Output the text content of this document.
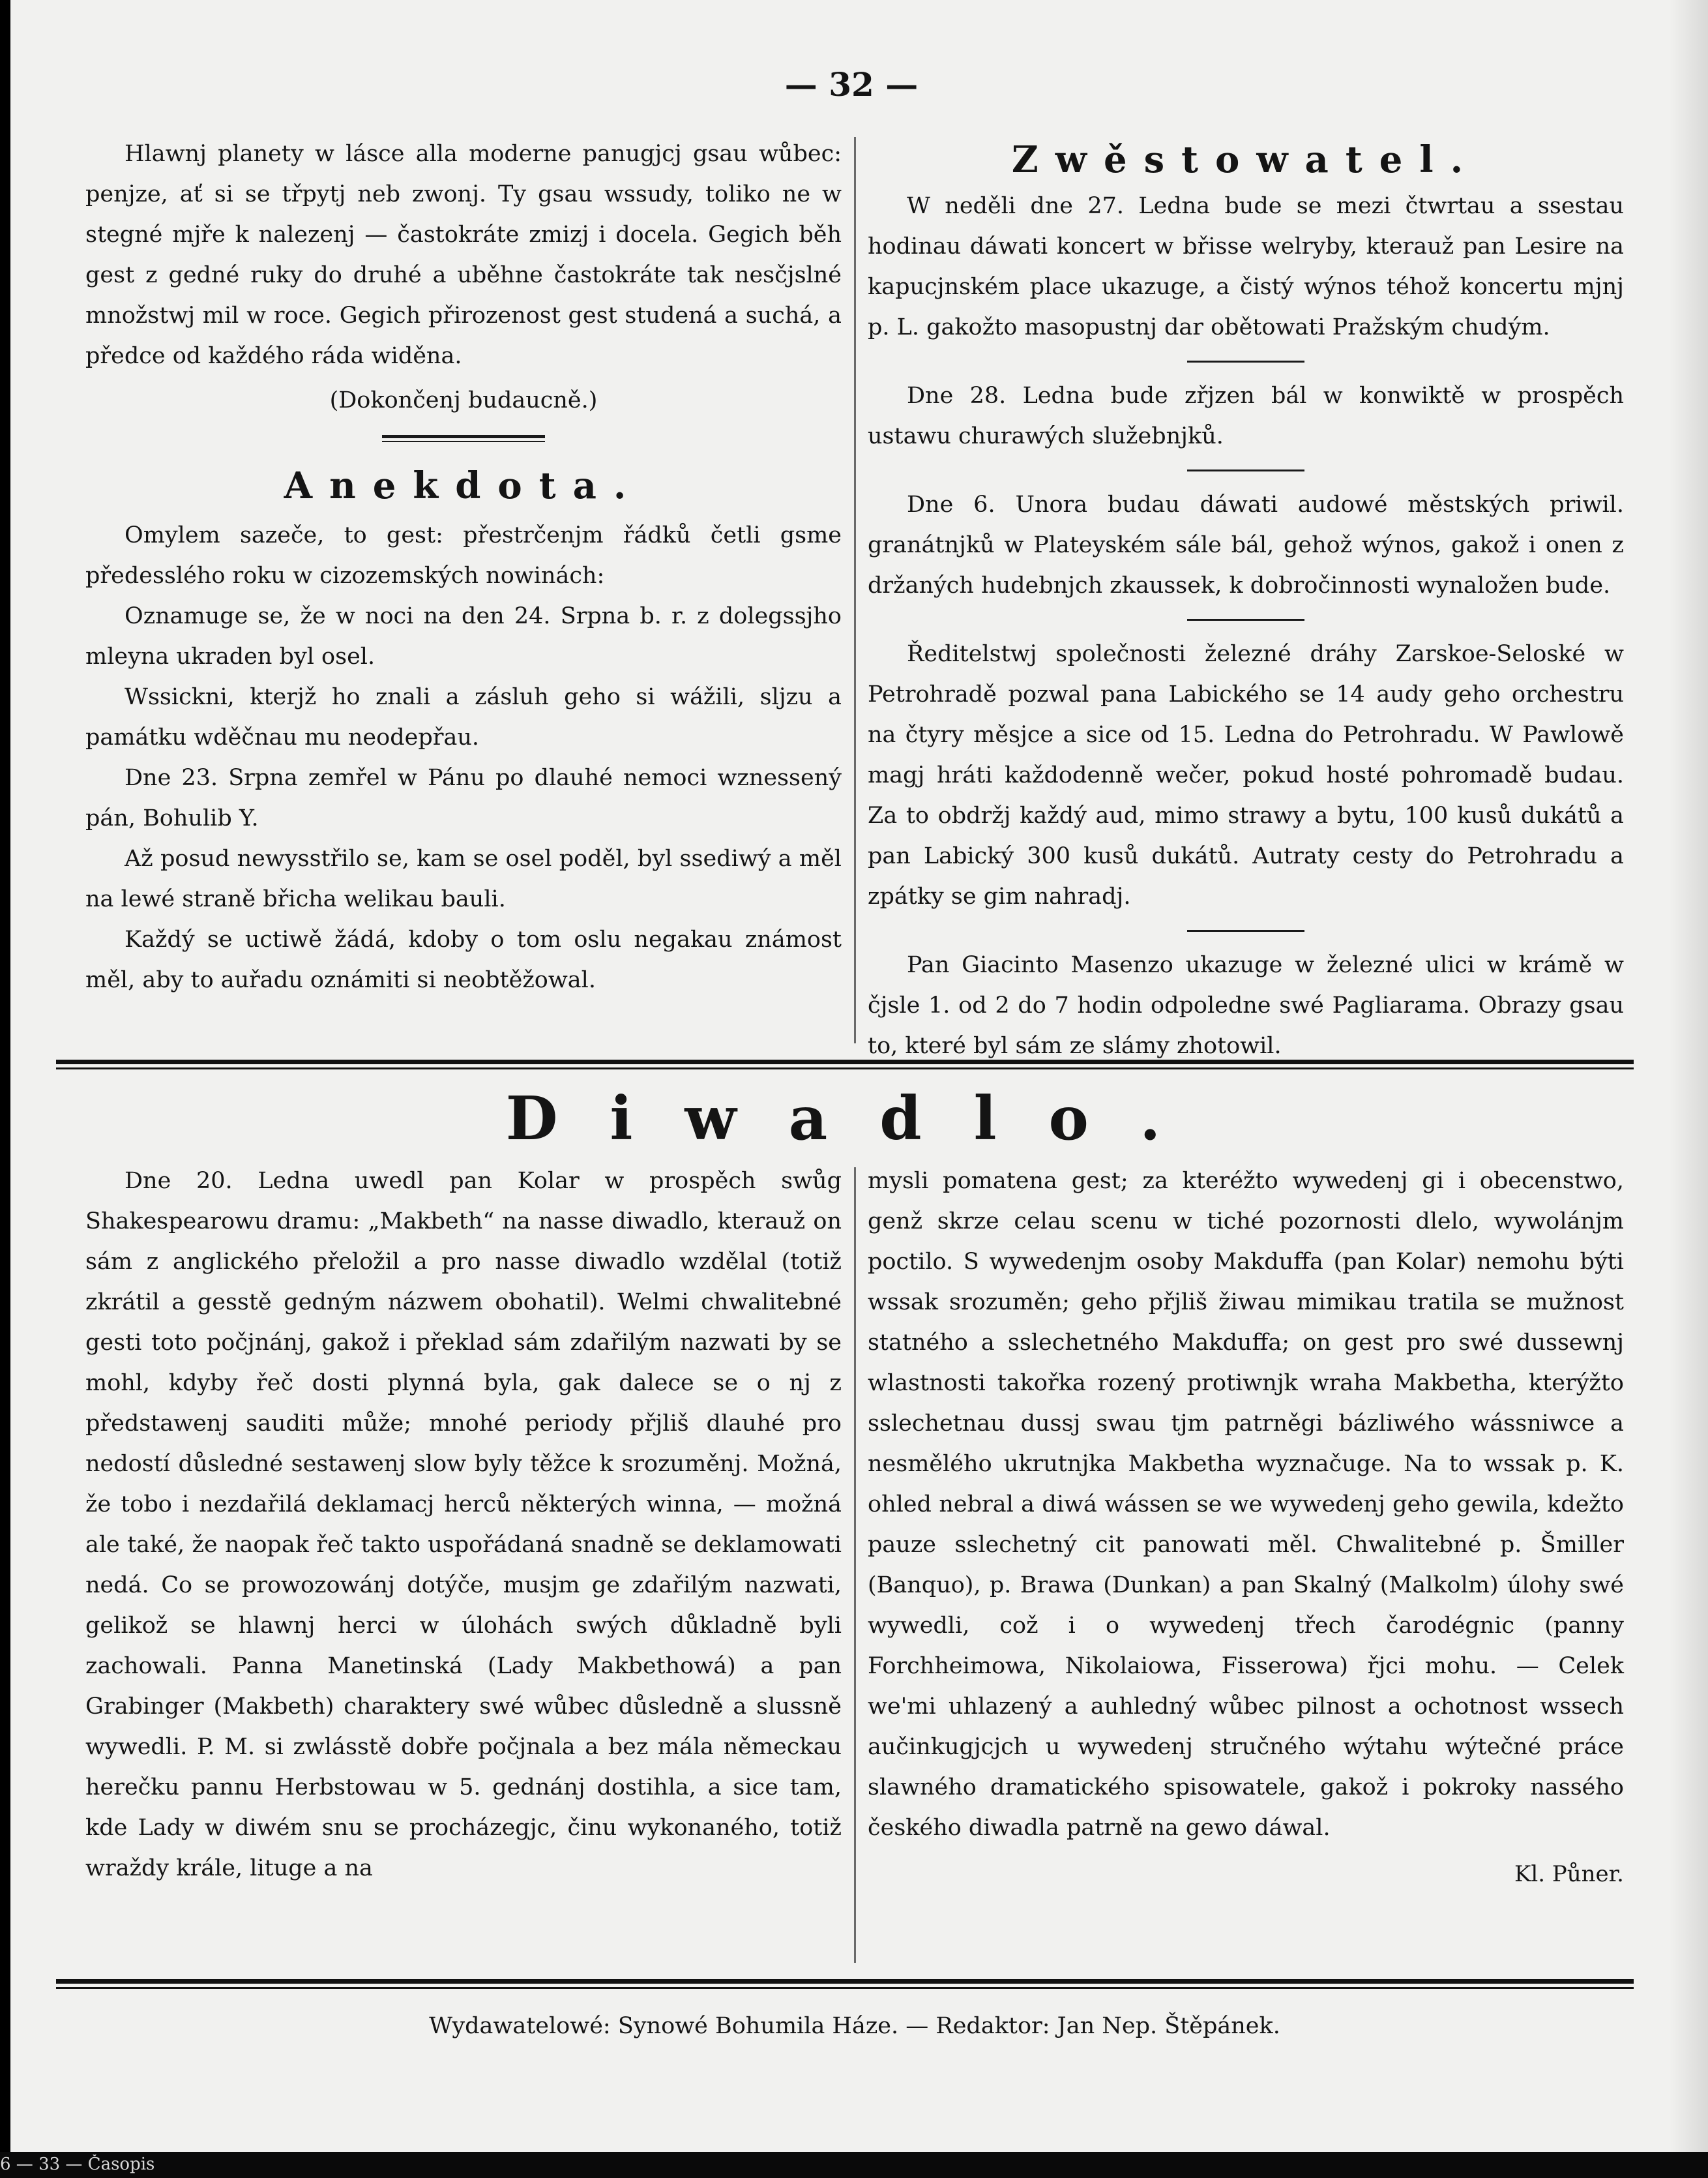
— 32 —

Hlawnj planety w lásce alla moderne panugjcj gsau wůbec: penjze, ať si se třpytj neb zwonj. Ty gsau wssudy, toliko ne w stegné mjře k nalezenj — častokráte zmizj i docela. Gegich běh gest z gedné ruky do druhé a uběhne častokráte tak nesčjslné množstwj mil w roce. Gegich přirozenost gest studená a suchá, a předce od každého ráda widěna.

(Dokončenj budaucně.)

Anekdota.

Omylem sazeče, to gest: přestrčenjm řádků četli gsme předesslého roku w cizozemských nowinách:

Oznamuge se, že w noci na den 24. Srpna b. r. z dolegssjho mleyna ukraden byl osel.

Wssickni, kterjž ho znali a zásluh geho si wážili, sljzu a památku wděčnau mu neodepřau.

Dne 23. Srpna zemřel w Pánu po dlauhé nemoci wznessený pán, Bohulib Y.

Až posud newysstřilo se, kam se osel poděl, byl ssediwý a měl na lewé straně břicha welikau bauli.

Každý se uctiwě žádá, kdoby o tom oslu negakau známost měl, aby to auřadu oznámiti si neobtěžowal.

Zwěstowatel.

W neděli dne 27. Ledna bude se mezi čtwrtau a ssestau hodinau dáwati koncert w břisse welryby, kterauž pan Lesire na kapucjnském place ukazuge, a čistý wýnos téhož koncertu mjnj p. L. gakožto masopustnj dar obětowati Pražským chudým.

Dne 28. Ledna bude zřjzen bál w konwiktě w prospěch ustawu churawých služebnjků.

Dne 6. Unora budau dáwati audowé městských priwil. granátnjků w Plateyském sále bál, gehož wýnos, gakož i onen z držaných hudebnjch zkaussek, k dobročinnosti wynaložen bude.

Ředitelstwj společnosti železné dráhy Zarskoe-Seloské w Petrohradě pozwal pana Labického se 14 audy geho orchestru na čtyry měsjce a sice od 15. Ledna do Petrohradu. W Pawlowě magj hráti každodenně wečer, pokud hosté pohromadě budau. Za to obdržj každý aud, mimo strawy a bytu, 100 kusů dukátů a pan Labický 300 kusů dukátů. Autraty cesty do Petrohradu a zpátky se gim nahradj.

Pan Giacinto Masenzo ukazuge w železné ulici w krámě w čjsle 1. od 2 do 7 hodin odpoledne swé Pagliarama. Obrazy gsau to, které byl sám ze slámy zhotowil.

Diwadlo.

Dne 20. Ledna uwedl pan Kolar w prospěch swůg Shakespearowu dramu: „Makbeth“ na nasse diwadlo, kterauž on sám z anglického přeložil a pro nasse diwadlo wzdělal (totiž zkrátil a gesstě gedným názwem obohatil). Welmi chwalitebné gesti toto počjnánj, gakož i překlad sám zdařilým nazwati by se mohl, kdyby řeč dosti plynná byla, gak dalece se o nj z předstawenj sauditi může; mnohé periody přjliš dlauhé pro nedostí důsledné sestawenj slow byly těžce k srozuměnj. Možná, že tobo i nezdařilá deklamacj herců některých winna, — možná ale také, že naopak řeč takto uspořádaná snadně se deklamowati nedá. Co se prowozowánj dotýče, musjm ge zdařilým nazwati, gelikož se hlawnj herci w úlohách swých důkladně byli zachowali. Panna Manetinská (Lady Makbethowá) a pan Grabinger (Makbeth) charaktery swé wůbec důsledně a slussně wywedli. P. M. si zwlásstě dobře počjnala a bez mála německau herečku pannu Herbstowau w 5. gednánj dostihla, a sice tam, kde Lady w diwém snu se procházegjc, činu wykonaného, totiž wraždy krále, lituge a na

mysli pomatena gest; za kteréžto wywedenj gi i obecenstwo, genž skrze celau scenu w tiché pozornosti dlelo, wywolánjm poctilo. S wywedenjm osoby Makduffa (pan Kolar) nemohu býti wssak srozuměn; geho přjliš žiwau mimikau tratila se mužnost statného a sslechetného Makduffa; on gest pro swé dussewnj wlastnosti takořka rozený protiwnjk wraha Makbetha, kterýžto sslechetnau dussj swau tjm patrněgi bázliwého wássniwce a nesmělého ukrutnjka Makbetha wyznačuge. Na to wssak p. K. ohled nebral a diwá wássen se we wywedenj geho gewila, kdežto pauze sslechetný cit panowati měl. Chwalitebné p. Šmiller (Banquo), p. Brawa (Dunkan) a pan Skalný (Malkolm) úlohy swé wywedli, což i o wywedenj třech čarodégnic (panny Forchheimowa, Nikolaiowa, Fisserowa) řjci mohu. — Celek we'mi uhlazený a auhledný wůbec pilnost a ochotnost wssech aučinkugjcjch u wywedenj stručného wýtahu wýtečné práce slawného dramatického spisowatele, gakož i pokroky nassého českého diwadla patrně na gewo dáwal.

Kl. Půner.

Wydawatelowé: Synowé Bohumila Háze. — Redaktor: Jan Nep. Štěpánek.
6 — 33 — Časopis
